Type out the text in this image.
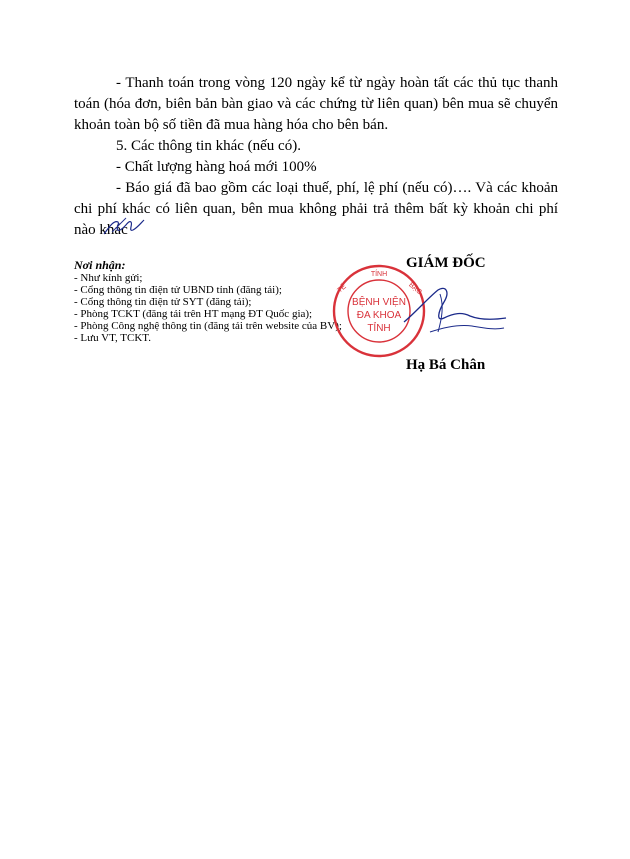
- Thanh toán trong vòng 120 ngày kể từ ngày hoàn tất các thủ tục thanh toán (hóa đơn, biên bản bàn giao và các chứng từ liên quan) bên mua sẽ chuyển khoản toàn bộ số tiền đã mua hàng hóa cho bên bán.
5. Các thông tin khác (nếu có).
- Chất lượng hàng hoá mới 100%
- Báo giá đã bao gồm các loại thuế, phí, lệ phí (nếu có)…. Và các khoản chi phí khác có liên quan, bên mua không phải trả thêm bất kỳ khoản chi phí nào khác
Nơi nhận:
- Như kính gửi;
- Cổng thông tin điện tử UBND tỉnh (đăng tải);
- Cổng thông tin điện tử SYT (đăng tải);
- Phòng TCKT (đăng tải trên HT mạng ĐT Quốc gia);
- Phòng Công nghệ thông tin (đăng tải trên website của BV);
- Lưu VT, TCKT.
GIÁM ĐỐC
TÍNH
TẾ	BẠC
BỆNH VIỆN
ĐA KHOA
TỈNH
Hạ Bá Chân
